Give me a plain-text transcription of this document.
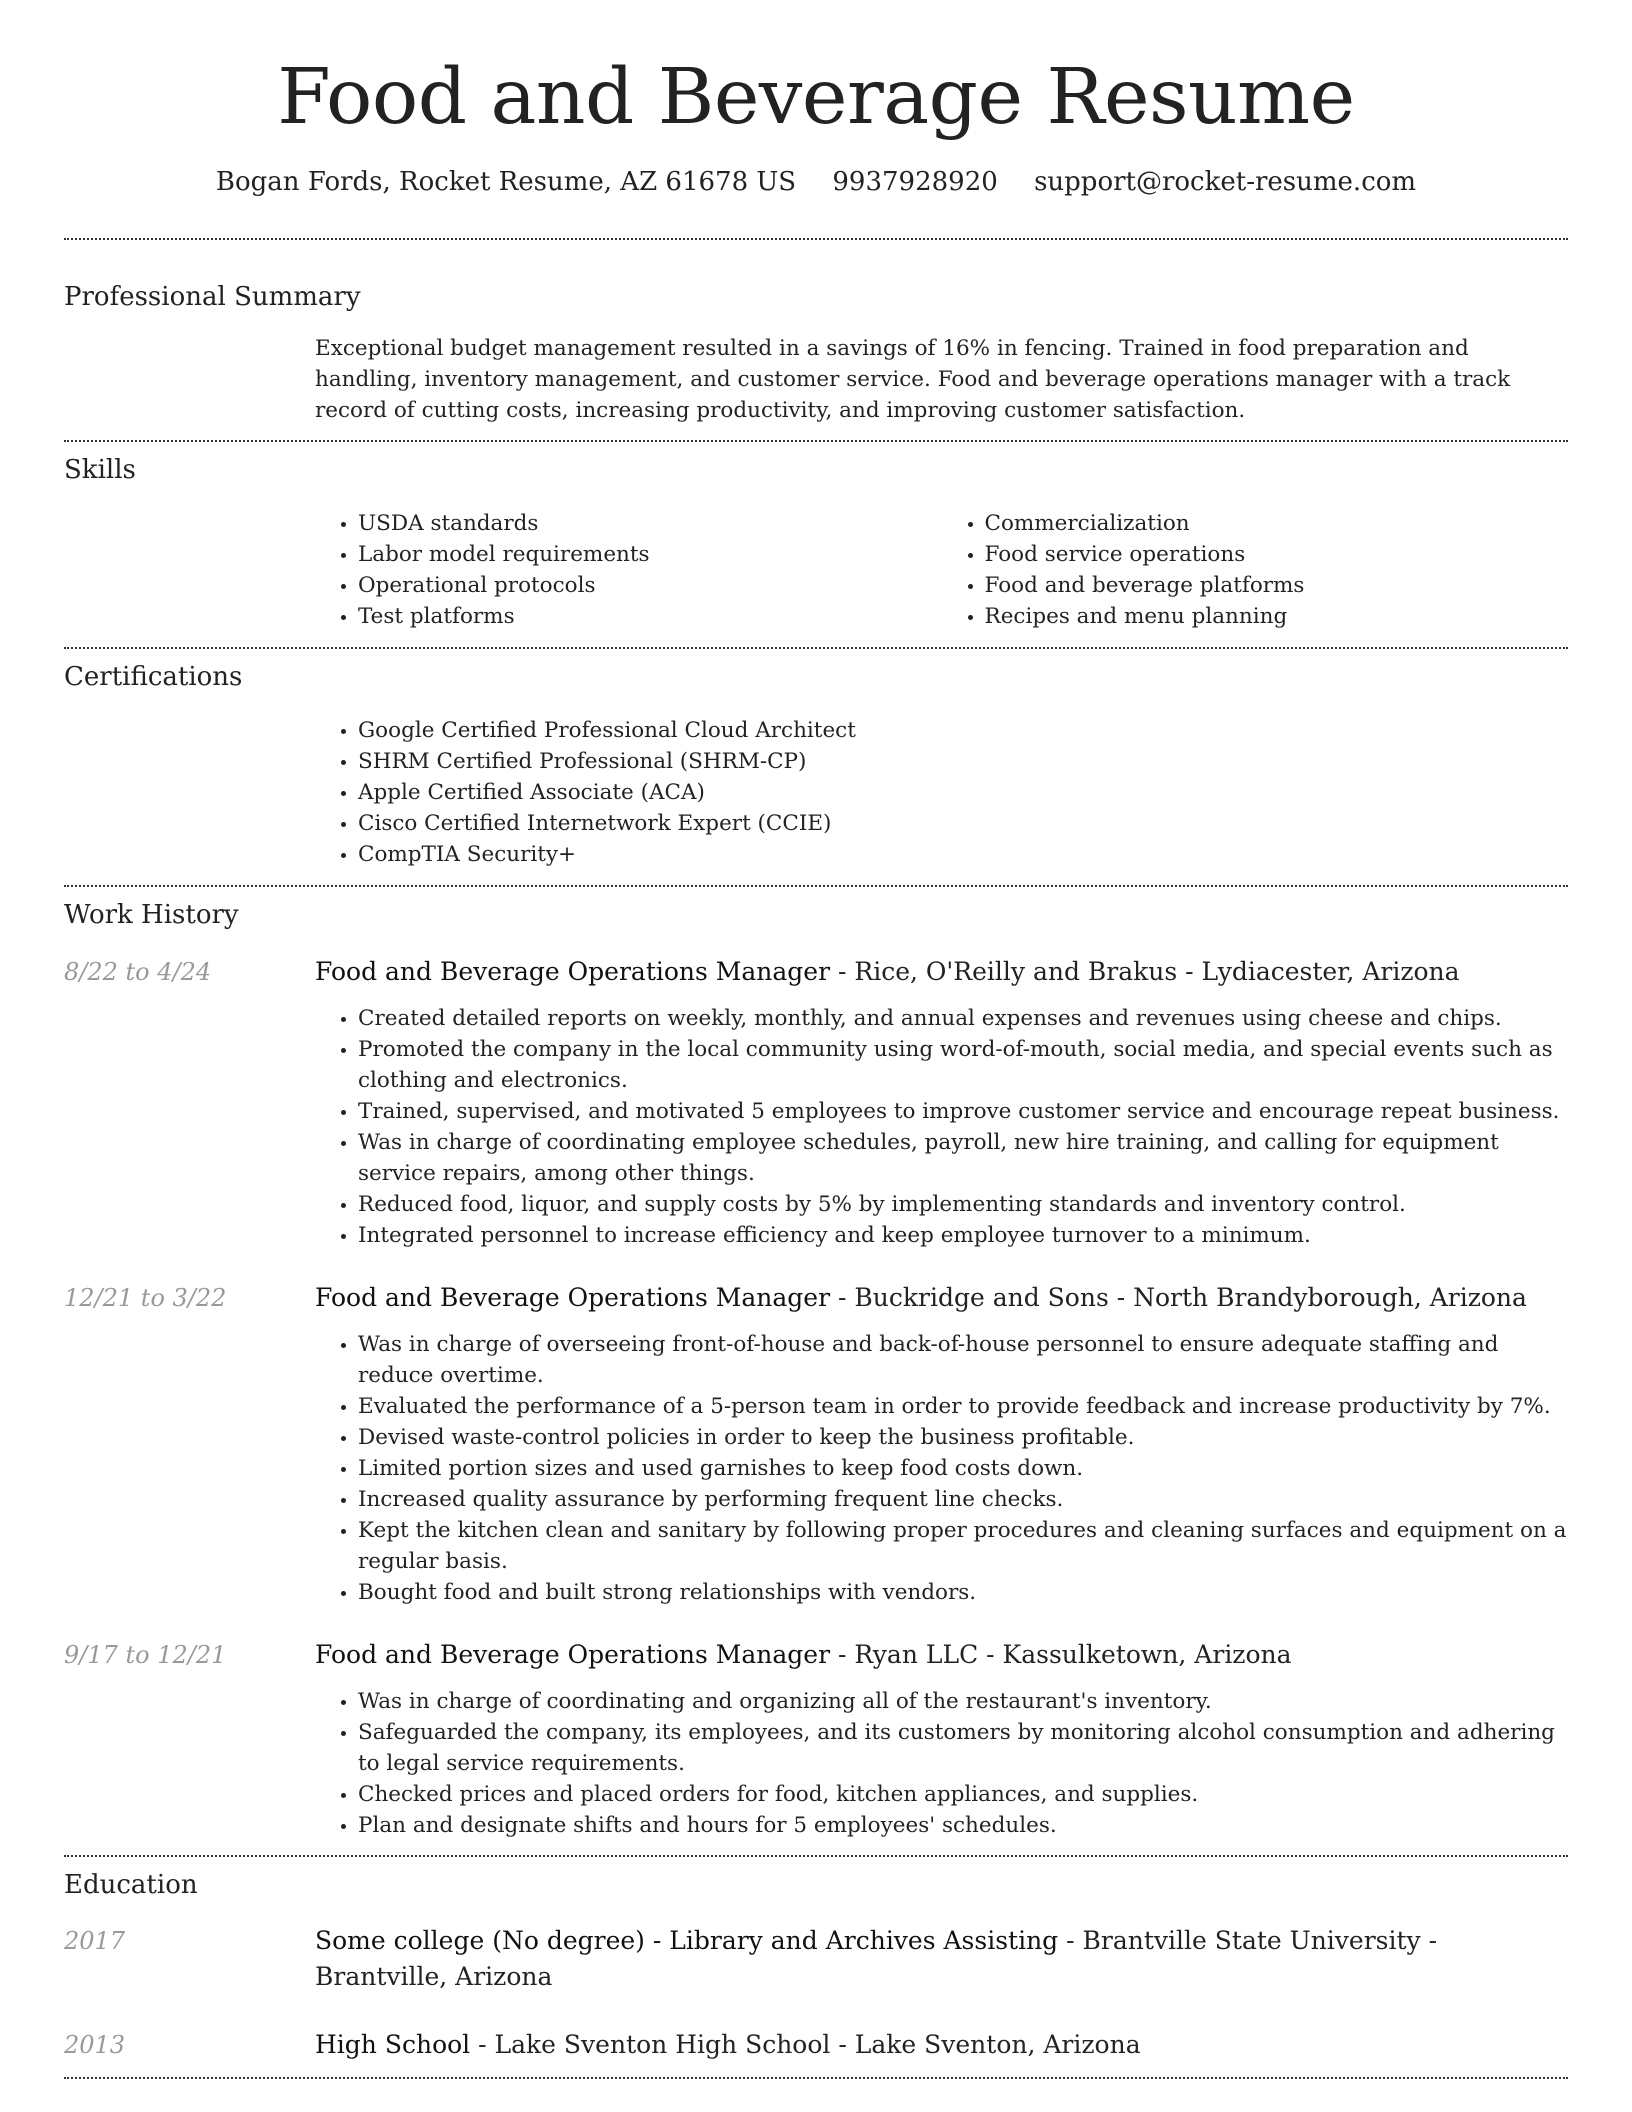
Food and Beverage Resume
Bogan Fords, Rocket Resume, AZ 61678 US 9937928920 support@rocket-resume.com
Professional Summary

Exceptional budget management resulted in a savings of 16% in fencing. Trained in food preparation and handling, inventory management, and customer service. Food and beverage operations manager with a track record of cutting costs, increasing productivity, and improving customer satisfaction.

Skills
• USDA standards
• Labor model requirements
• Operational protocols
• Test platforms
• Commercialization
• Food service operations
• Food and beverage platforms
• Recipes and menu planning
Certifications
• Google Certified Professional Cloud Architect
• SHRM Certified Professional (SHRM-CP)
• Apple Certified Associate (ACA)
• Cisco Certified Internetwork Expert (CCIE)
• CompTIA Security+
Work History
8/22 to 4/24	Food and Beverage Operations Manager - Rice, O'Reilly and Brakus - Lydiacester, Arizona
• Created detailed reports on weekly, monthly, and annual expenses and revenues using cheese and chips.
• Promoted the company in the local community using word-of-mouth, social media, and special events such as clothing and electronics.
• Trained, supervised, and motivated 5 employees to improve customer service and encourage repeat business.
• Was in charge of coordinating employee schedules, payroll, new hire training, and calling for equipment service repairs, among other things.
• Reduced food, liquor, and supply costs by 5% by implementing standards and inventory control.
• Integrated personnel to increase efficiency and keep employee turnover to a minimum.
12/21 to 3/22	Food and Beverage Operations Manager - Buckridge and Sons - North Brandyborough, Arizona
• Was in charge of overseeing front-of-house and back-of-house personnel to ensure adequate staffing and reduce overtime.
• Evaluated the performance of a 5-person team in order to provide feedback and increase productivity by 7%.
• Devised waste-control policies in order to keep the business profitable.
• Limited portion sizes and used garnishes to keep food costs down.
• Increased quality assurance by performing frequent line checks.
• Kept the kitchen clean and sanitary by following proper procedures and cleaning surfaces and equipment on a regular basis.
• Bought food and built strong relationships with vendors.
9/17 to 12/21	Food and Beverage Operations Manager - Ryan LLC - Kassulketown, Arizona
• Was in charge of coordinating and organizing all of the restaurant's inventory.
• Safeguarded the company, its employees, and its customers by monitoring alcohol consumption and adhering to legal service requirements.
• Checked prices and placed orders for food, kitchen appliances, and supplies.
• Plan and designate shifts and hours for 5 employees' schedules.
Education
2017	Some college (No degree) - Library and Archives Assisting - Brantville State University - Brantville, Arizona
2013	High School - Lake Sventon High School - Lake Sventon, Arizona
